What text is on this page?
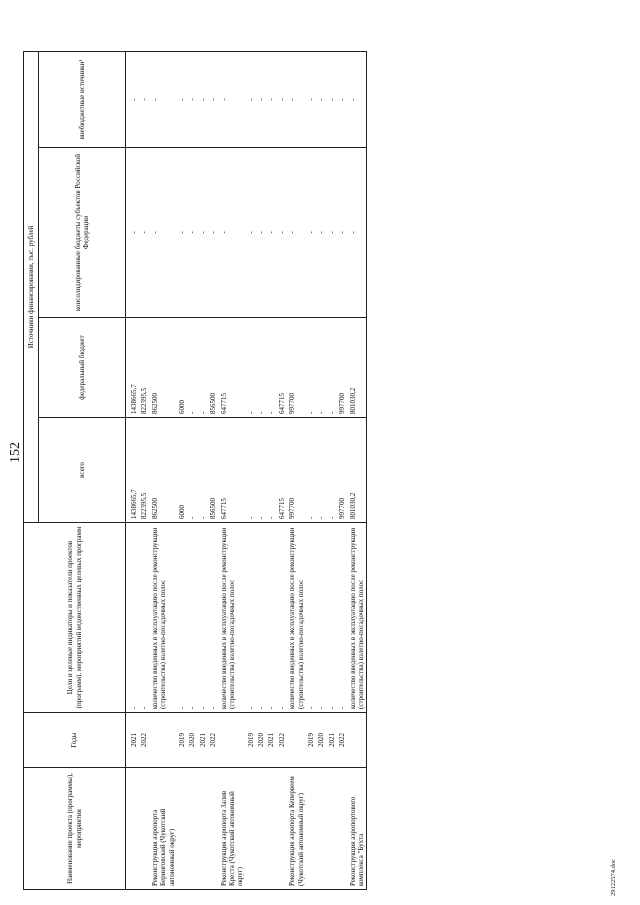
152
Наименование проекта (программы), мероприятия	Годы	Цели и целевые индикаторы и показатели проектов (программ), мероприятий ведомственных целевых программ	Источники финансирования, тыс. рублей			
			всего	федеральный бюджет	консолидированные бюджеты субъектов Российской Федерации	внебюджетные источники¹
	2021	-	1438665,7	1438665,7	-	-
	2022	-	822395,5	822395,5	-	-
Реконструкция аэропорта Беринговский (Чукотский автономный округ)		количество введенных в эксплуатацию после реконструкции (строительства) взлетно-посадочных полос	862500	862500	-	-
	2019	-	6000	6000	-	-
	2020	-	-	-	-	-
	2021	-	-	-	-	-
	2022	-	856500	856500	-	-
Реконструкция аэропорта Залив Креста (Чукотский автономный округ)		количество введенных в эксплуатацию после реконструкции (строительства) взлетно-посадочных полос	647715	647715	-	-
	2019	-	-	-	-	-
	2020	-	-	-	-	-
	2021	-	-	-	-	-
	2022	-	647715	647715	-	-
Реконструкция аэропорта Кепервеем (Чукотский автономный округ)		количество введенных в эксплуатацию после реконструкции (строительства) взлетно-посадочных полос	997700	997700	-	-
	2019	-	-	-	-	-
	2020	-	-	-	-	-
	2021	-	-	-	-	-
	2022	-	997700	997700	-	-
Реконструкция аэропортового комплекса "Бухта		количество введенных в эксплуатацию после реконструкции (строительства) взлетно-посадочных полос	801030,2	801030,2	-	-
29122574.doc
